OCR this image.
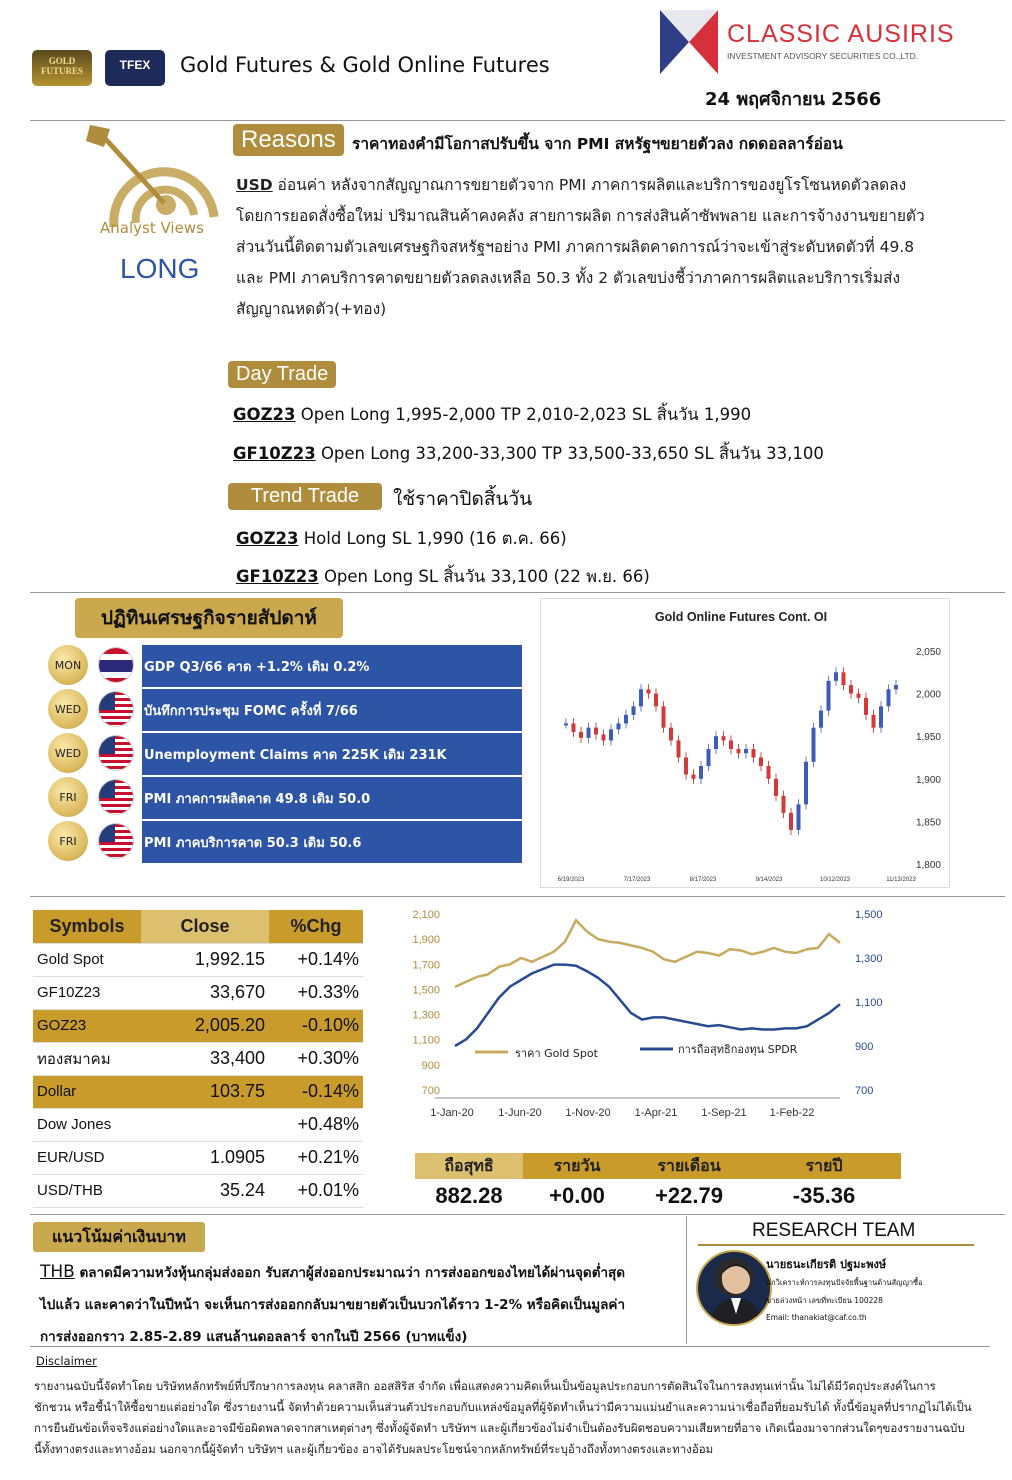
GOLD FUTURES	TFEX	Gold Futures & Gold Online Futures
CLASSIC AUSIRIS
INVESTMENT ADVISORY SECURITIES CO.,LTD.
24 พฤศจิกายน 2566
Analyst Views
LONG
Reasons	ราคาทองคำมีโอกาสปรับขึ้น จาก PMI สหรัฐฯขยายตัวลง กดดอลลาร์อ่อน
USD อ่อนค่า หลังจากสัญญาณการขยายตัวจาก PMI ภาคการผลิตและบริการของยูโรโซนหดตัวลดลง
โดยการยอดสั่งซื้อใหม่ ปริมาณสินค้าคงคลัง สายการผลิต การส่งสินค้าซัพพลาย และการจ้างงานขยายตัว
ส่วนวันนี้ติดตามตัวเลขเศรษฐกิจสหรัฐฯอย่าง PMI ภาคการผลิตคาดการณ์ว่าจะเข้าสู่ระดับหดตัวที่ 49.8
และ PMI ภาคบริการคาดขยายตัวลดลงเหลือ 50.3 ทั้ง 2 ตัวเลขบ่งชี้ว่าภาคการผลิตและบริการเริ่มส่ง
สัญญาณหดตัว(+ทอง)
Day Trade
GOZ23 Open Long 1,995-2,000 TP 2,010-2,023 SL สิ้นวัน 1,990
GF10Z23 Open Long 33,200-33,300 TP 33,500-33,650 SL สิ้นวัน 33,100
Trend Trade	ใช้ราคาปิดสิ้นวัน
GOZ23 Hold Long SL 1,990 (16 ต.ค. 66)
GF10Z23 Open Long SL สิ้นวัน 33,100 (22 พ.ย. 66)
ปฏิทินเศรษฐกิจรายสัปดาห์
MON	GDP Q3/66 คาด +1.2% เดิม 0.2%
WED	บันทึกการประชุม FOMC ครั้งที่ 7/66
WED	Unemployment Claims คาด 225K เดิม 231K
FRI	PMI ภาคการผลิตคาด 49.8 เดิม 50.0
FRI	PMI ภาคบริการคาด 50.3 เดิม 50.6
Gold Online Futures Cont. OI
2,050
2,000
1,950
1,900
1,850
1,800
6/19/2023	7/17/2023	8/17/2023	9/14/2023	10/12/2023	11/13/2023
Symbols	Close	%Chg
Gold Spot	1,992.15	+0.14%
GF10Z23	33,670	+0.33%
GOZ23	2,005.20	-0.10%
ทองสมาคม	33,400	+0.30%
Dollar	103.75	-0.14%
Dow Jones		+0.48%
EUR/USD	1.0905	+0.21%
USD/THB	35.24	+0.01%
2,100
1,900
1,700
1,500
1,300
1,100
900
700
1,500
1,300
1,100
900
700
1-Jan-20 1-Jun-20 1-Nov-20 1-Apr-21 1-Sep-21 1-Feb-22
ราคา Gold Spot	การถือสุทธิกองทุน SPDR
ถือสุทธิ	รายวัน	รายเดือน	รายปี
882.28	+0.00	+22.79	-35.36
แนวโน้มค่าเงินบาท
THB ตลาดมีความหวังหุ้นกลุ่มส่งออก รับสภาผู้ส่งออกประมาณว่า การส่งออกของไทยได้ผ่านจุดต่ำสุด
ไปแล้ว และคาดว่าในปีหน้า จะเห็นการส่งออกกลับมาขยายตัวเป็นบวกได้ราว 1-2% หรือคิดเป็นมูลค่า
การส่งออกราว 2.85-2.89 แสนล้านดอลลาร์ จากในปี 2566 (บาทแข็ง)
RESEARCH TEAM
นายธนะเกียรติ ปฐมะพงษ์
นักวิเคราะห์การลงทุนปัจจัยพื้นฐานด้านสัญญาซื้อ
ขายล่วงหน้า เลขที่ทะเบียน 100228
Email: thanakiat@caf.co.th
Disclaimer
รายงานฉบับนี้จัดทำโดย บริษัทหลักทรัพย์ที่ปรึกษาการลงทุน คลาสสิก ออสสิริส จำกัด เพื่อแสดงความคิดเห็นเป็นข้อมูลประกอบการตัดสินใจในการลงทุนเท่านั้น ไม่ได้มีวัตถุประสงค์ในการ
ชักชวน หรือชี้นำให้ซื้อขายแต่อย่างใด ซึ่งรายงานนี้ จัดทำด้วยความเห็นส่วนตัวประกอบกับแหล่งข้อมูลที่ผู้จัดทำเห็นว่ามีความแม่นยำและความน่าเชื่อถือที่ยอมรับได้ ทั้งนี้ข้อมูลที่ปรากฏไม่ได้เป็น
การยืนยันข้อเท็จจริงแต่อย่างใดและอาจมีข้อผิดพลาดจากสาเหตุต่างๆ ซึ่งทั้งผู้จัดทำ บริษัทฯ และผู้เกี่ยวข้องไม่จำเป็นต้องรับผิดชอบความเสียหายที่อาจ เกิดเนื่องมาจากส่วนใดๆของรายงานฉบับ
นี้ทั้งทางตรงและทางอ้อม นอกจากนี้ผู้จัดทำ บริษัทฯ และผู้เกี่ยวข้อง อาจได้รับผลประโยชน์จากหลักทรัพย์ที่ระบุอ้างถึงทั้งทางตรงและทางอ้อม
